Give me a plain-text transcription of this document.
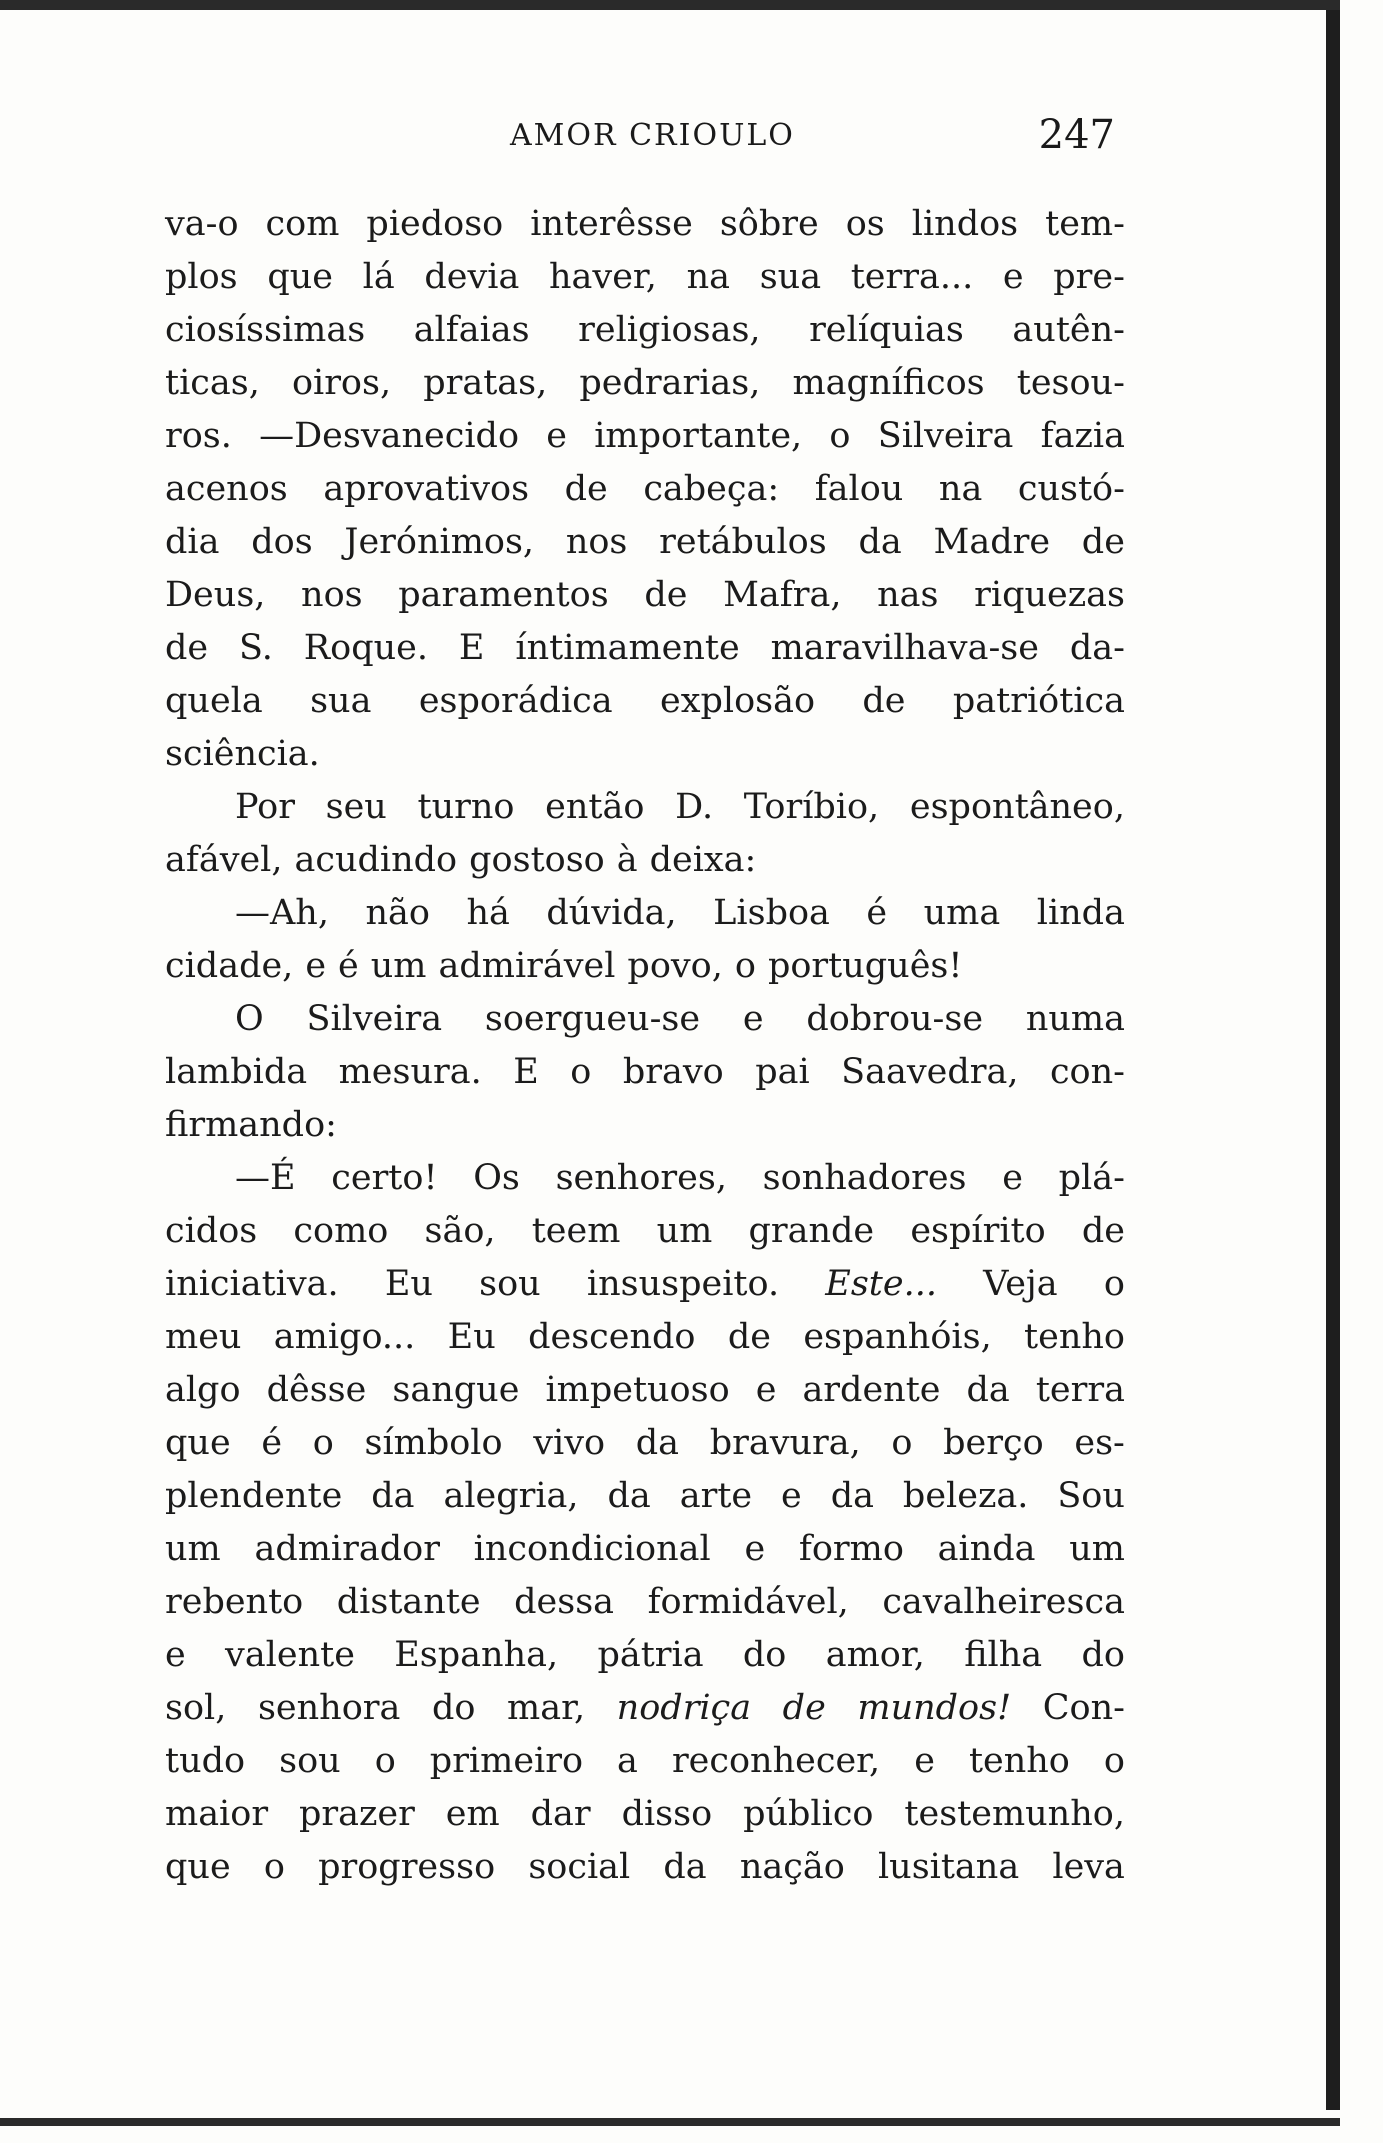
AMOR CRIOULO	247
va-o com piedoso interêsse sôbre os lindos tem-
plos que lá devia haver, na sua terra... e pre-
ciosíssimas alfaias religiosas, relíquias autên-
ticas, oiros, pratas, pedrarias, magníficos tesou-
ros. —Desvanecido e importante, o Silveira fazia
acenos aprovativos de cabeça: falou na custó-
dia dos Jerónimos, nos retábulos da Madre de
Deus, nos paramentos de Mafra, nas riquezas
de S. Roque. E íntimamente maravilhava-se da-
quela sua esporádica explosão de patriótica
sciência.
Por seu turno então D. Toríbio, espontâneo,
afável, acudindo gostoso à deixa:
—Ah, não há dúvida, Lisboa é uma linda
cidade, e é um admirável povo, o português!
O Silveira soergueu-se e dobrou-se numa
lambida mesura. E o bravo pai Saavedra, con-
firmando:
—É certo! Os senhores, sonhadores e plá-
cidos como são, teem um grande espírito de
iniciativa. Eu sou insuspeito. Este... Veja o
meu amigo... Eu descendo de espanhóis, tenho
algo dêsse sangue impetuoso e ardente da terra
que é o símbolo vivo da bravura, o berço es-
plendente da alegria, da arte e da beleza. Sou
um admirador incondicional e formo ainda um
rebento distante dessa formidável, cavalheiresca
e valente Espanha, pátria do amor, filha do
sol, senhora do mar, nodriça de mundos! Con-
tudo sou o primeiro a reconhecer, e tenho o
maior prazer em dar disso público testemunho,
que o progresso social da nação lusitana leva
